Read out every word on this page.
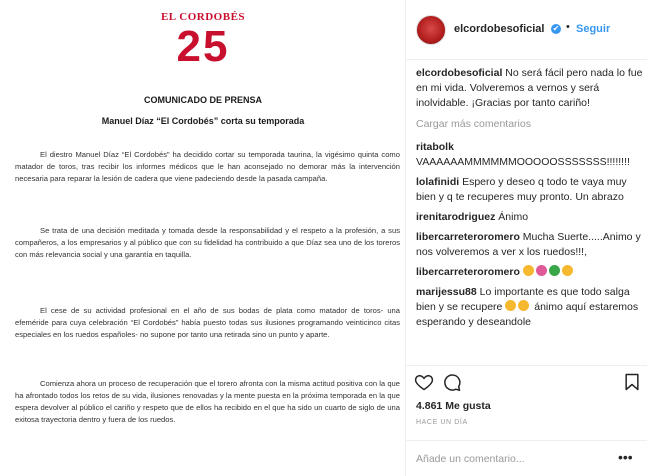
EL CORDOBÉS
25
COMUNICADO DE PRENSA
Manuel Díaz “El Cordobés” corta su temporada

El diestro Manuel Díaz “El Cordobés” ha decidido cortar su temporada taurina, la vigésimo quinta como matador de toros, tras recibir los informes médicos que le han aconsejado no demorar más la intervención necesaria para reparar la lesión de cadera que viene padeciendo desde la pasada campaña.

Se trata de una decisión meditada y tomada desde la responsabilidad y el respeto a la profesión, a sus compañeros, a los empresarios y al público que con su fidelidad ha contribuido a que Díaz sea uno de los toreros con más relevancia social y una garantía en taquilla.

El cese de su actividad profesional en el año de sus bodas de plata como matador de toros- una efeméride para cuya celebración “El Cordobés” había puesto todas sus ilusiones programando veinticinco citas especiales en los ruedos españoles- no supone por tanto una retirada sino un punto y aparte.

Comienza ahora un proceso de recuperación que el torero afronta con la misma actitud positiva con la que ha afrontado todos los retos de su vida, ilusiones renovadas y la mente puesta en la próxima temporada en la que espera devolver al público el cariño y respeto que de ellos ha recibido en el que ha sido un cuarto de siglo de una exitosa trayectoria dentro y fuera de los ruedos.

elcordobesoficial ✔ • Seguir
elcordobesoficial No será fácil pero nada lo fue en mi vida. Volveremos a vernos y será inolvidable. ¡Gracias por tanto cariño!
Cargar más comentarios
ritabolk VAAAAAAMMMMMMOOOOOSSSSSSS!!!!!!!!
lolafinidi Espero y deseo q todo te vaya muy bien y q te recuperes muy pronto. Un abrazo
irenitarodriguez Ánimo
libercarreteroromero Mucha Suerte.....Animo y nos volveremos a ver x los ruedos!!!,
libercarreteroromero
marijessu88 Lo importante es que todo salga bien y se recupere  ánimo aquí estaremos esperando y deseandole
4.861 Me gusta
HACE UN DÍA
Añade un comentario...
•••
